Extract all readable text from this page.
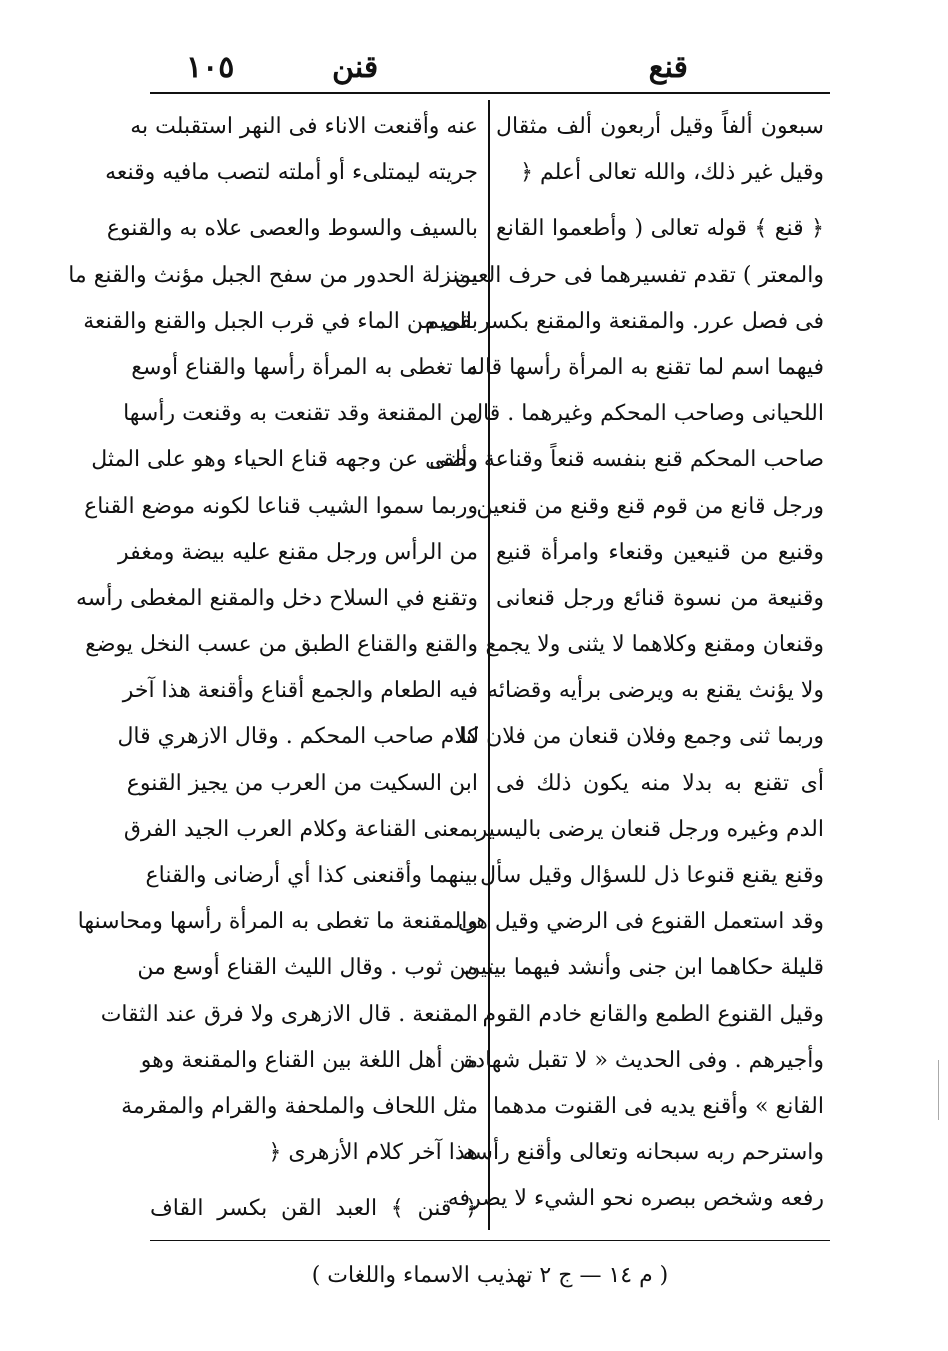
١٠٥	قنن	قنع
سبعون ألفاً وقيل أربعون ألف مثقال
وقيل غير ذلك، والله تعالى أعلم ﴿
﴿ قنع ﴾ قوله تعالى ( وأطعموا القانع
والمعتر ) تقدم تفسيرهما فى حرف العين
فى فصل عرر. والمقنعة والمقنع بكسر الميم
فيهما اسم لما تقنع به المرأة رأسها قاله
اللحيانى وصاحب المحكم وغيرهما . قال
صاحب المحكم قنع بنفسه قنعاً وقناعة رضى
ورجل قانع من قوم قنع وقنع من قنعين
وقنيع من قنيعين وقنعاء وامرأة قنيع
وقنيعة من نسوة قنائع ورجل قنعانى
وقنعان ومقنع وكلاهما لا يثنى ولا يجمع
ولا يؤنث يقنع به ويرضى برأيه وقضائه
وربما ثنى وجمع وفلان قنعان من فلان لنا
أى تقنع به بدلا منه يكون ذلك فى
الدم وغيره ورجل قنعان يرضى باليسير
وقنع يقنع قنوعا ذل للسؤال وقيل سأل
وقد استعمل القنوع فى الرضي وقيل هى
قليلة حكاهما ابن جنى وأنشد فيهما بيتين
وقيل القنوع الطمع والقانع خادم القوم
وأجيرهم . وفى الحديث « لا تقبل شهادة
القانع » وأقنع يديه فى القنوت مدهما
واسترحم ربه سبحانه وتعالى وأقنع رأسه
رفعه وشخص ببصره نحو الشيء لا يصرفه
عنه وأقنعت الاناء فى النهر استقبلت به
جريته ليمتلىء أو أملته لتصب مافيه وقنعه
بالسيف والسوط والعصى علاه به والقنوع
بمنزلة الحدور من سفح الجبل مؤنث والقنع ما
بقى من الماء في قرب الجبل والقنع والقنعة
ما تغطى به المرأة رأسها والقناع أوسع
من المقنعة وقد تقنعت به وقنعت رأسها
وألقى عن وجهه قناع الحياء وهو على المثل
وربما سموا الشيب قناعا لكونه موضع القناع
من الرأس ورجل مقنع عليه بيضة ومغفر
وتقنع في السلاح دخل والمقنع المغطى رأسه
والقنع والقناع الطبق من عسب النخل يوضع
فيه الطعام والجمع أقناع وأقنعة هذا آخر
كلام صاحب المحكم . وقال الازهري قال
ابن السكيت من العرب من يجيز القنوع
بمعنى القناعة وكلام العرب الجيد الفرق
بينهما وأقنعنى كذا أي أرضانى والقناع
والمقنعة ما تغطى به المرأة رأسها ومحاسنها
من ثوب . وقال الليث القناع أوسع من
المقنعة . قال الازهرى ولا فرق عند الثقات
من أهل اللغة بين القناع والمقنعة وهو
مثل اللحاف والملحفة والقرام والمقرمة
هذا آخر كلام الأزهرى ﴿
﴿ قنن ﴾ العبد القن بكسر القاف
( م ١٤ — ج ٢ تهذيب الاسماء واللغات )
